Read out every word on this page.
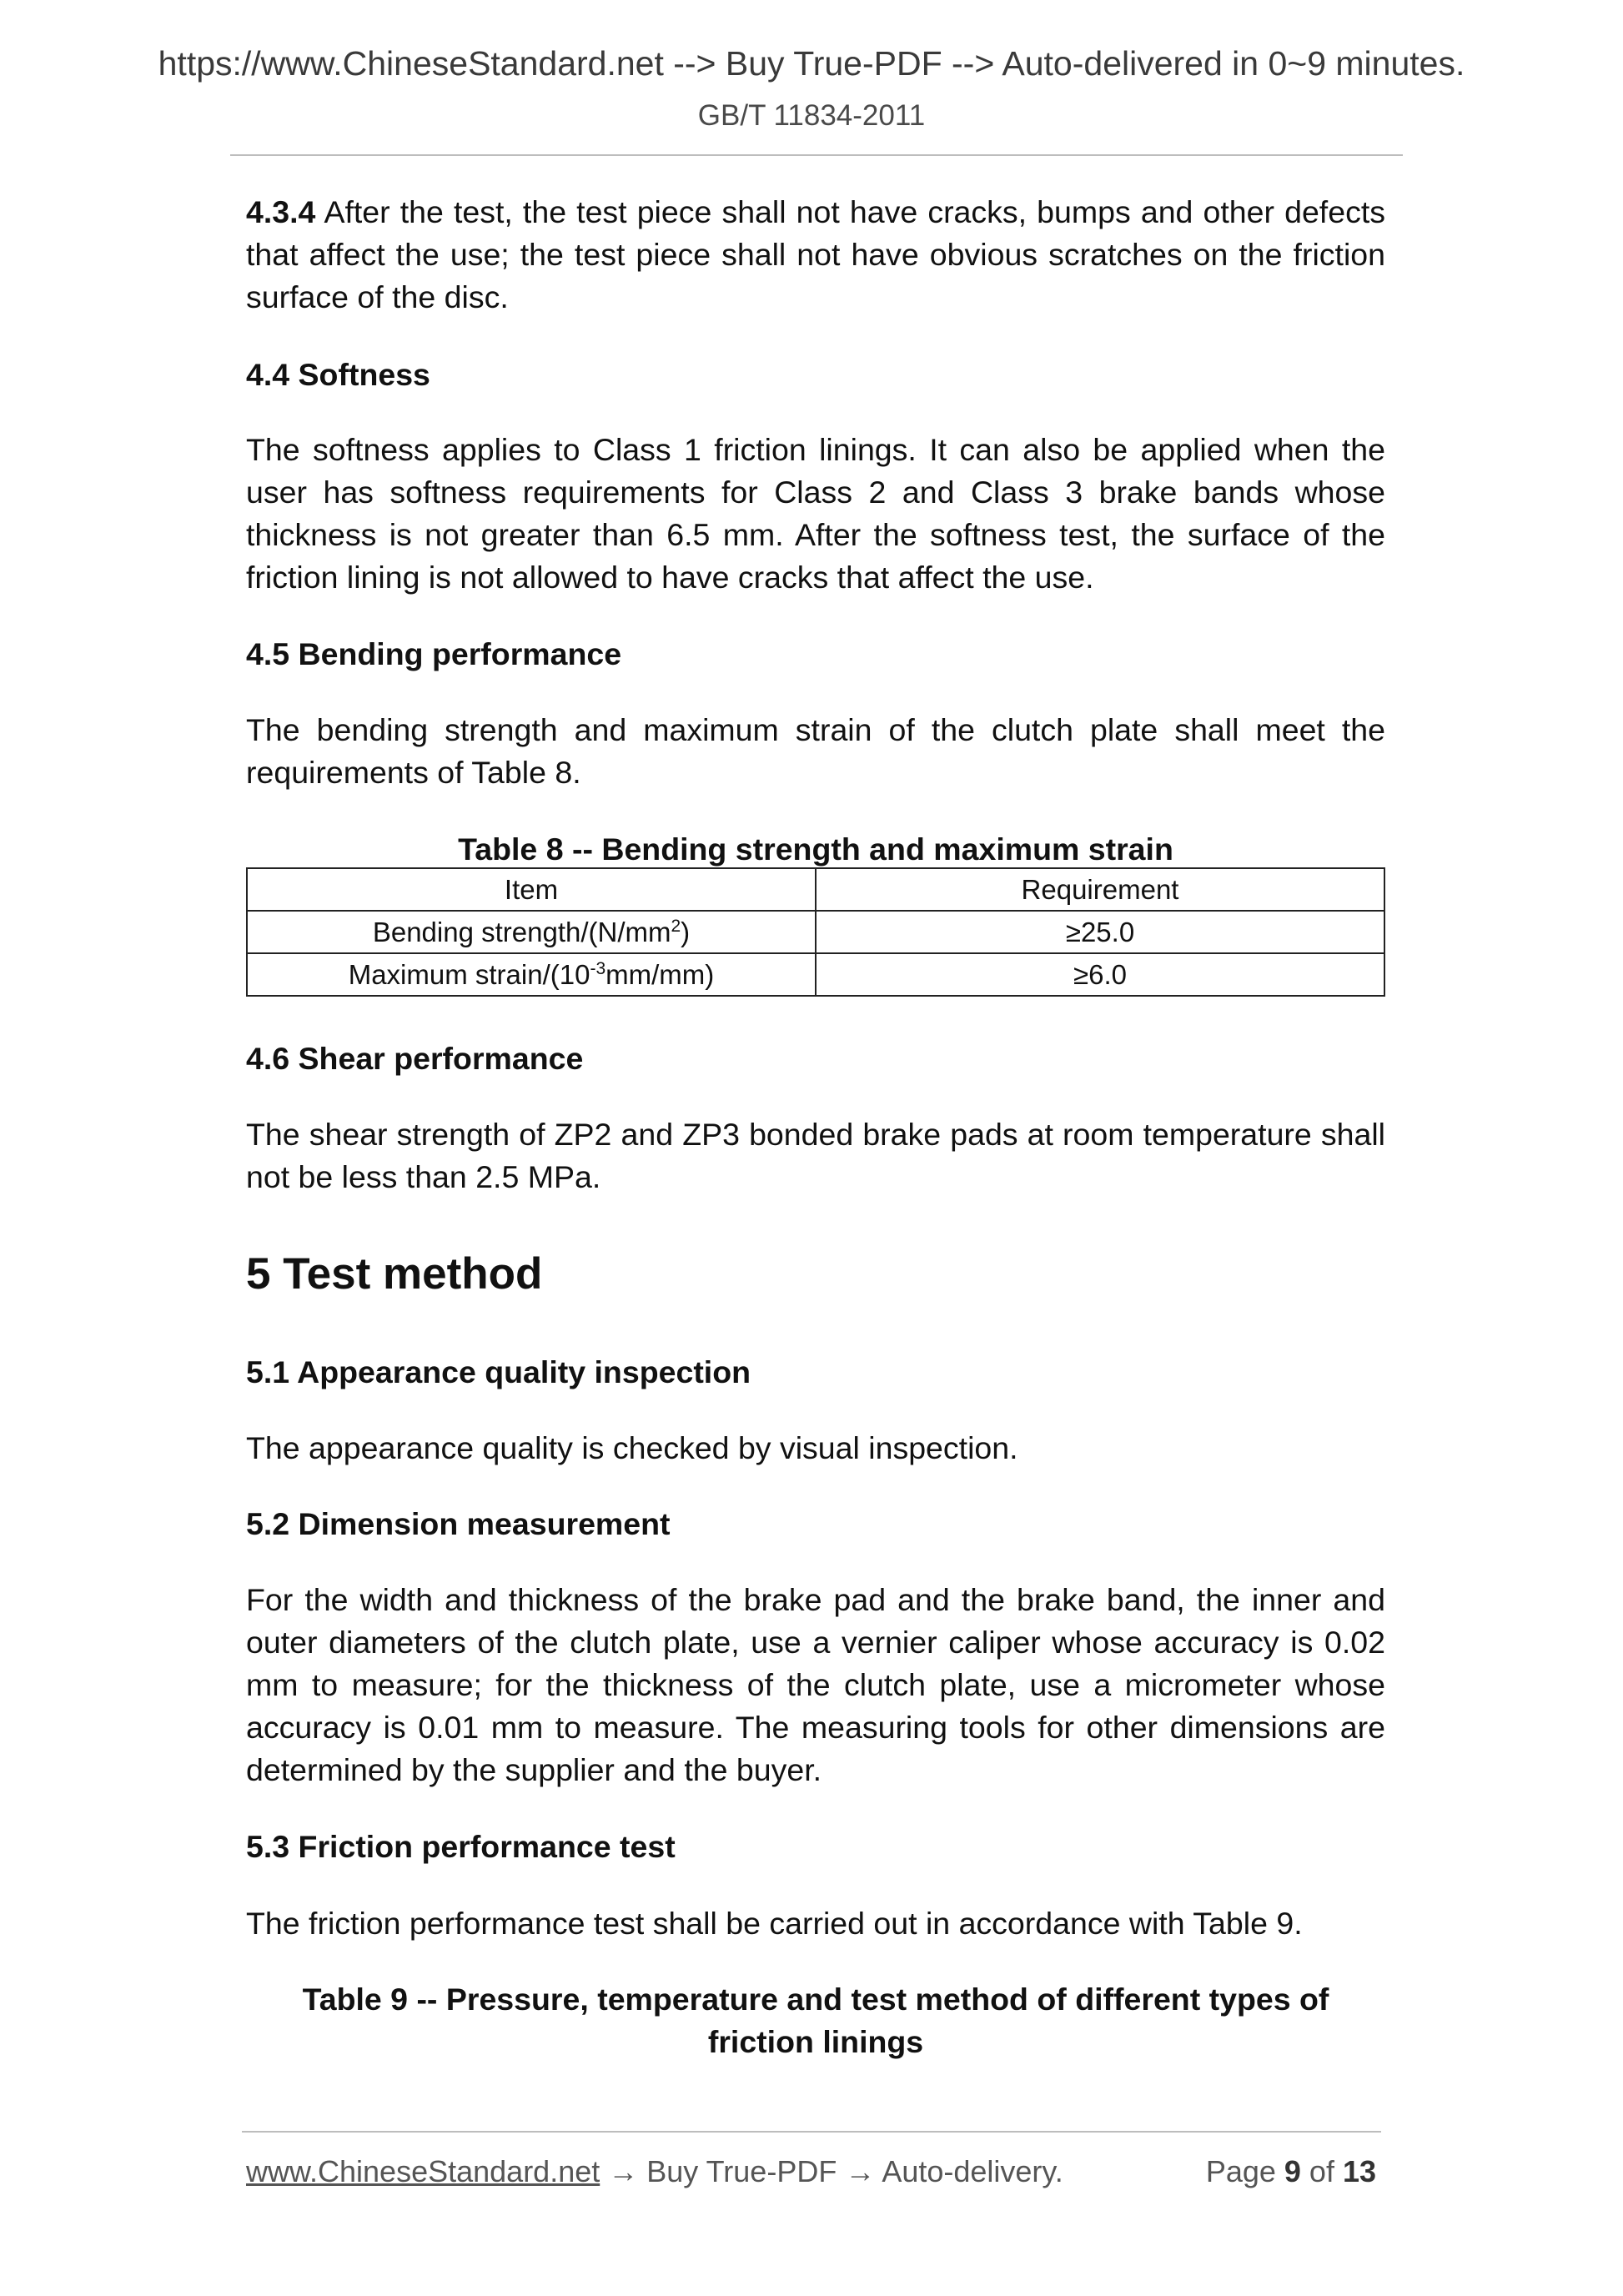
https://www.ChineseStandard.net --> Buy True-PDF --> Auto-delivered in 0~9 minutes.
GB/T 11834-2011
4.3.4 After the test, the test piece shall not have cracks, bumps and other defects that affect the use; the test piece shall not have obvious scratches on the friction surface of the disc.
4.4 Softness
The softness applies to Class 1 friction linings. It can also be applied when the user has softness requirements for Class 2 and Class 3 brake bands whose thickness is not greater than 6.5 mm. After the softness test, the surface of the friction lining is not allowed to have cracks that affect the use.
4.5 Bending performance
The bending strength and maximum strain of the clutch plate shall meet the requirements of Table 8.
Table 8 -- Bending strength and maximum strain
Item	Requirement
Bending strength/$(N/mm^2)$	≥25.0
Maximum strain/$(10^{-3}mm/mm)$	≥6.0
4.6 Shear performance
The shear strength of ZP2 and ZP3 bonded brake pads at room temperature shall not be less than 2.5 MPa.
5 Test method
5.1 Appearance quality inspection
The appearance quality is checked by visual inspection.
5.2 Dimension measurement
For the width and thickness of the brake pad and the brake band, the inner and outer diameters of the clutch plate, use a vernier caliper whose accuracy is 0.02 mm to measure; for the thickness of the clutch plate, use a micrometer whose accuracy is 0.01 mm to measure. The measuring tools for other dimensions are determined by the supplier and the buyer.
5.3 Friction performance test
The friction performance test shall be carried out in accordance with Table 9.
Table 9 -- Pressure, temperature and test method of different types of
friction linings
www.ChineseStandard.net → Buy True-PDF → Auto-delivery.	Page 9 of 13
